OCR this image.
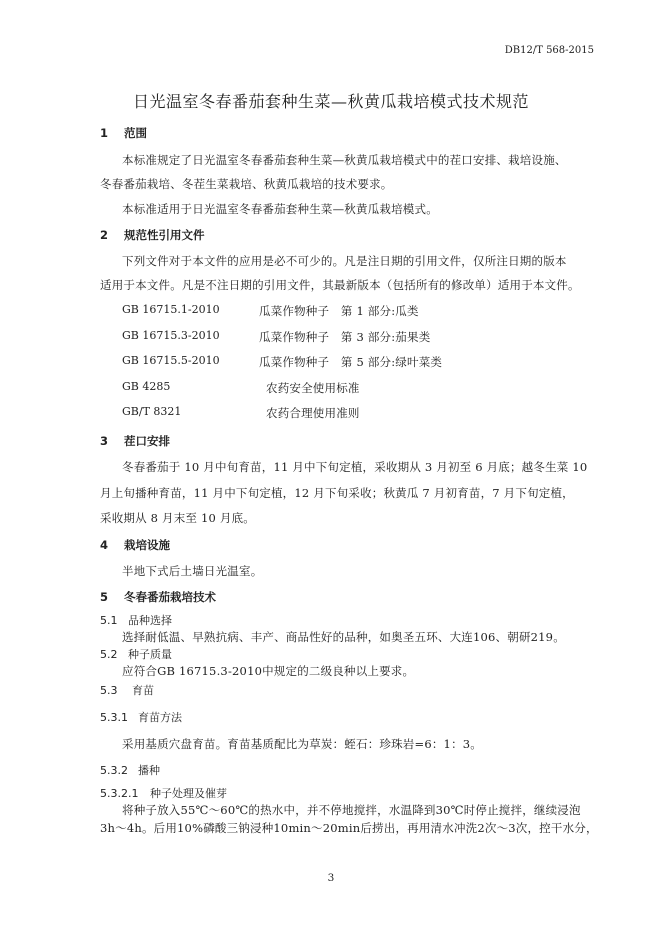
DB12/T 568-2015
日光温室冬春番茄套种生菜—秋黄瓜栽培模式技术规范
1 范围
本标准规定了日光温室冬春番茄套种生菜—秋黄瓜栽培模式中的茬口安排、栽培设施、
冬春番茄栽培、冬茬生菜栽培、秋黄瓜栽培的技术要求。
本标准适用于日光温室冬春番茄套种生菜—秋黄瓜栽培模式。
2 规范性引用文件
下列文件对于本文件的应用是必不可少的。凡是注日期的引用文件，仅所注日期的版本
适用于本文件。凡是不注日期的引用文件，其最新版本（包括所有的修改单）适用于本文件。
GB 16715.1-2010	瓜菜作物种子　第 1 部分:瓜类
GB 16715.3-2010	瓜菜作物种子　第 3 部分:茄果类
GB 16715.5-2010	瓜菜作物种子　第 5 部分:绿叶菜类
GB 4285	农药安全使用标准
GB/T 8321	农药合理使用准则
3 茬口安排
冬春番茄于 10 月中旬育苗，11 月中下旬定植，采收期从 3 月初至 6 月底；越冬生菜 10
月上旬播种育苗，11 月中下旬定植，12 月下旬采收；秋黄瓜 7 月初育苗，7 月下旬定植，
采收期从 8 月末至 10 月底。
4 栽培设施
半地下式后土墙日光温室。
5 冬春番茄栽培技术
5.1 品种选择
选择耐低温、早熟抗病、丰产、商品性好的品种，如奥圣五环、大连106、朝研219。
5.2 种子质量
应符合GB 16715.3-2010中规定的二级良种以上要求。
5.3 育苗
5.3.1 育苗方法
采用基质穴盘育苗。育苗基质配比为草炭：蛭石：珍珠岩=6：1：3。
5.3.2 播种
5.3.2.1 种子处理及催芽
将种子放入55℃～60℃的热水中，并不停地搅拌，水温降到30℃时停止搅拌，继续浸泡
3h～4h。后用10%磷酸三钠浸种10min～20min后捞出，再用清水冲洗2次～3次，控干水分，
3
